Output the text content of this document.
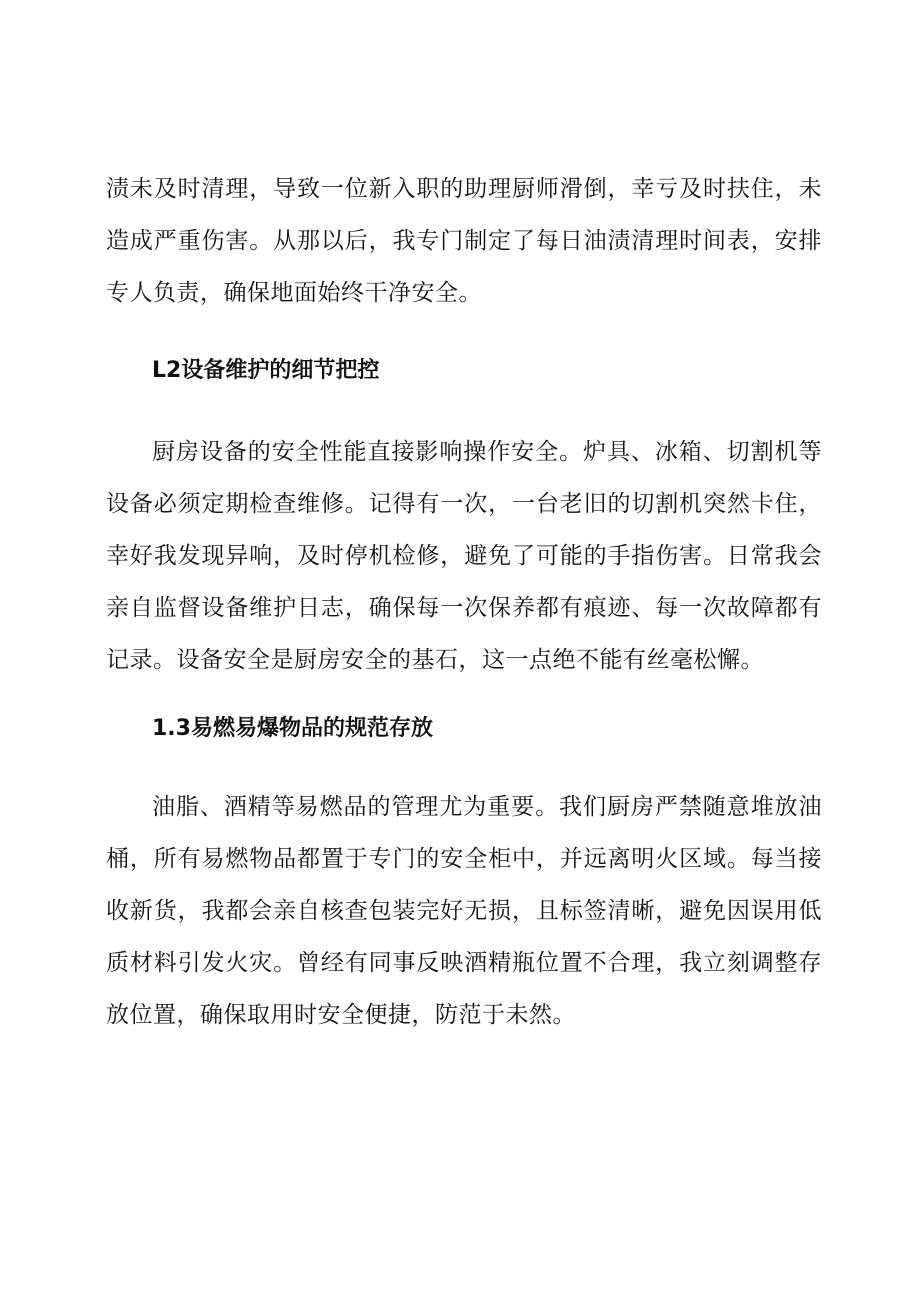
渍未及时清理，导致一位新入职的助理厨师滑倒，幸亏及时扶住，未造成严重伤害。从那以后，我专门制定了每日油渍清理时间表，安排专人负责，确保地面始终干净安全。

L2设备维护的细节把控

厨房设备的安全性能直接影响操作安全。炉具、冰箱、切割机等设备必须定期检查维修。记得有一次，一台老旧的切割机突然卡住，幸好我发现异响，及时停机检修，避免了可能的手指伤害。日常我会亲自监督设备维护日志，确保每一次保养都有痕迹、每一次故障都有记录。设备安全是厨房安全的基石，这一点绝不能有丝毫松懈。

1.3易燃易爆物品的规范存放

油脂、酒精等易燃品的管理尤为重要。我们厨房严禁随意堆放油桶，所有易燃物品都置于专门的安全柜中，并远离明火区域。每当接收新货，我都会亲自核查包装完好无损，且标签清晰，避免因误用低质材料引发火灾。曾经有同事反映酒精瓶位置不合理，我立刻调整存放位置，确保取用时安全便捷，防范于未然。
